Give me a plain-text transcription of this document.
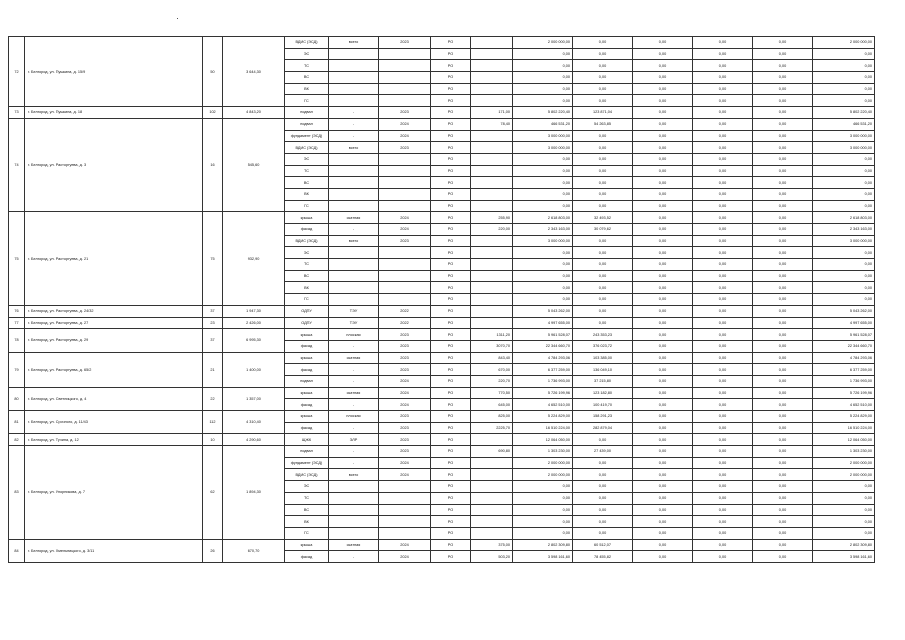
72	г. Белгород, ул. Пушкина, д. 15/9	50	3 644,30	ВДИС (ЭСД)	всего	2023	РО		2 000 000,00	0,00	0,00	0,00	0,00	2 000 000,00
				ЭС			РО		0,00	0,00	0,00	0,00	0,00	0,00
				ТС			РО		0,00	0,00	0,00	0,00	0,00	0,00
				ВС			РО		0,00	0,00	0,00	0,00	0,00	0,00
				ВК			РО		0,00	0,00	0,00	0,00	0,00	0,00
				ГС			РО		0,00	0,00	0,00	0,00	0,00	0,00
73	г. Белгород, ул. Пушкина, д. 18	102	4 843,20	подвал	-	2023	РО	171,00	5 802 220,40	123 871,04	0,00	0,00	0,00	5 802 220,40
74	г. Белгород, ул. Расторгуева, д. 3	16	545,60	подвал	-	2024	РО	78,40	466 531,20	54 263,85	0,00	0,00	0,00	466 531,20
				фундамент (ЭСД)	-	2024	РО		3 000 000,00	0,00	0,00	0,00	0,00	3 000 000,00
				ВДИС (ЭСД)	всего	2023	РО		3 000 000,00	0,00	0,00	0,00	0,00	3 000 000,00
				ЭС			РО		0,00	0,00	0,00	0,00	0,00	0,00
				ТС			РО		0,00	0,00	0,00	0,00	0,00	0,00
				ВС			РО		0,00	0,00	0,00	0,00	0,00	0,00
				ВК			РО		0,00	0,00	0,00	0,00	0,00	0,00
				ГС			РО		0,00	0,00	0,00	0,00	0,00	0,00
75	г. Белгород, ул. Расторгуева, д. 21	75	932,90	крыша	скатная	2024	РО	255,90	2 618 803,00	32 493,52	0,00	0,00	0,00	2 618 803,00
				фасад	-	2024	РО	220,00	2 343 163,00	30 079,62	0,00	0,00	0,00	2 343 163,00
				ВДИС (ЭСД)	всего	2023	РО		3 000 000,00	0,00	0,00	0,00	0,00	3 000 000,00
				ЭС			РО		0,00	0,00	0,00	0,00	0,00	0,00
				ТС			РО		0,00	0,00	0,00	0,00	0,00	0,00
				ВС			РО		0,00	0,00	0,00	0,00	0,00	0,00
				ВК			РО		0,00	0,00	0,00	0,00	0,00	0,00
				ГС			РО		0,00	0,00	0,00	0,00	0,00	0,00
76	г. Белгород, ул. Расторгуева, д. 24/32	37	1 947,30	ОДПУ	ТЭУ	2022	РО		5 043 262,00	0,00	0,00	0,00	0,00	5 043 262,00
77	г. Белгород, ул. Расторгуева, д. 27	23	2 426,00	ОДПУ	ТЭУ	2022	РО		4 997 655,00	0,00	0,00	0,00	0,00	4 997 655,00
78	г. Белгород, ул. Расторгуева, д. 29	37	6 995,30	крыша	плоская	2023	РО	1311,20	5 961 528,07	243 353,23	0,00	0,00	0,00	5 961 528,07
				фасад	-	2023	РО	3070,70	22 344 660,70	376 023,72	0,00	0,00	0,00	22 344 660,70
79	г. Белгород, ул. Расторгуева, д. 65/2	21	1 400,00	крыша	скатная	2023	РО	843,40	4 784 293,06	103 385,00	0,00	0,00	0,00	4 784 293,06
				фасад	-	2023	РО	670,00	6 377 259,00	136 049,10	0,00	0,00	0,00	6 377 259,00
				подвал	-	2024	РО	220,70	1 736 993,00	37 215,80	0,00	0,00	0,00	1 736 993,00
80	г. Белгород, ул. Светлицкого, д. 4	22	1 357,00	крыша	скатная	2024	РО	770,50	5 726 199,96	123 182,80	0,00	0,00	0,00	5 726 199,96
				фасад	-	2024	РО	645,00	4 652 510,00	100 419,70	0,00	0,00	0,00	4 652 510,00
81	г. Белгород, ул. Срочного, д. 11/43	112	4 310,40	крыша	плоская	2023	РО	825,00	5 224 829,00	158 291,23	0,00	0,00	0,00	5 224 829,00
				фасад	-	2023	РО	2225,70	16 510 224,00	282 879,04	0,00	0,00	0,00	16 510 224,00
82	г. Белгород, ул. Тучина, д. 12	10	4 290,60	ЩЖК	ЭЛР	2023	РО		12 064 050,00	0,00	0,00	0,00	0,00	12 064 050,00
83	г. Белгород, ул. Упорникова, д. 7	62	1 894,30	подвал	-	2023	РО	690,80	1 303 230,00	27 439,00	0,00	0,00	0,00	1 303 230,00
				фундамент (ЭСД)	-	2024	РО		2 000 000,00	0,00	0,00	0,00	0,00	2 000 000,00
				ВДИС (ЭСД)	всего	2024	РО		2 000 000,00	0,00	0,00	0,00	0,00	2 000 000,00
				ЭС			РО		0,00	0,00	0,00	0,00	0,00	0,00
				ТС			РО		0,00	0,00	0,00	0,00	0,00	0,00
				ВС			РО		0,00	0,00	0,00	0,00	0,00	0,00
				ВК			РО		0,00	0,00	0,00	0,00	0,00	0,00
				ГС			РО		0,00	0,00	0,00	0,00	0,00	0,00
84	г. Белгород, ул. Хмельницкого, д. 3/11	26	670,70	крыша	скатная	2024	РО	375,00	2 802 309,80	60 512,07	0,00	0,00	0,00	2 802 309,80
				фасад	-	2024	РО	503,20	3 598 161,60	78 455,82	0,00	0,00	0,00	3 598 161,60
